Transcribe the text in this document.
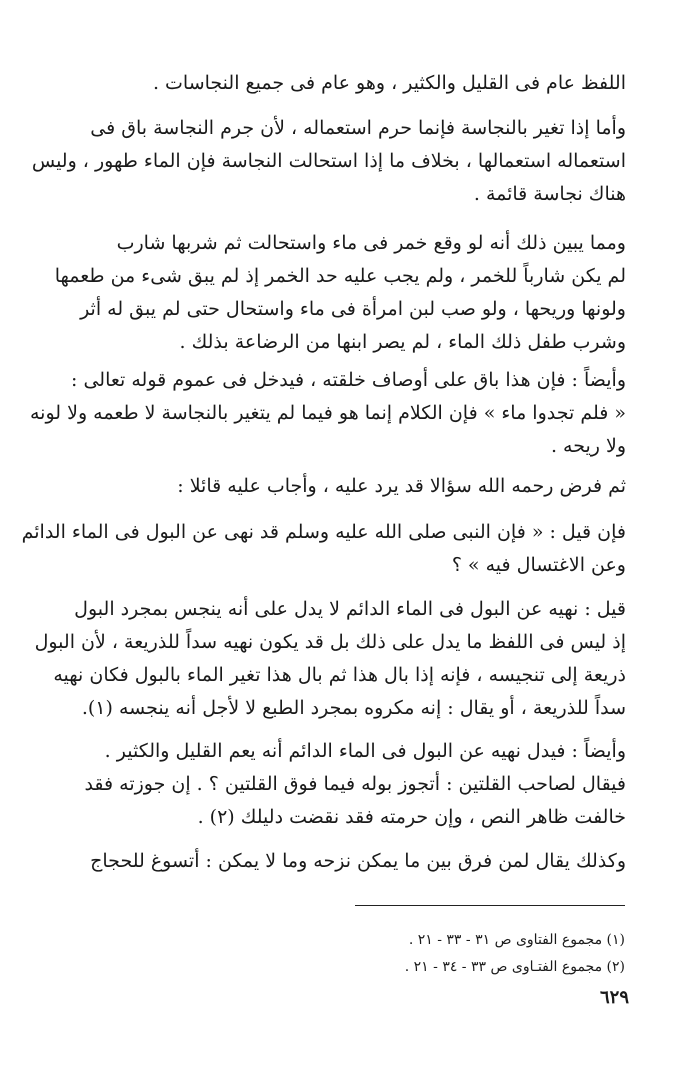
اللفظ عام فى القليل والكثير ، وهو عام فى جميع النجاسات .
وأما إذا تغير بالنجاسة فإنما حرم استعماله ، لأن جرم النجاسة باق فى
استعماله استعمالها ، بخلاف ما إذا استحالت النجاسة فإن الماء طهور ، وليس
هناك نجاسة قائمة .
ومما يبين ذلك أنه لو وقع خمر فى ماء واستحالت ثم شربها شارب
لم يكن شارباً للخمر ، ولم يجب عليه حد الخمر إذ لم يبق شىء من طعمها
ولونها وريحها ، ولو صب لبن امرأة فى ماء واستحال حتى لم يبق له أثر
وشرب طفل ذلك الماء ، لم يصر ابنها من الرضاعة بذلك .
وأيضاً : فإن هذا باق على أوصاف خلقته ، فيدخل فى عموم قوله تعالى :
« فلم تجدوا ماء » فإن الكلام إنما هو فيما لم يتغير بالنجاسة لا طعمه ولا لونه
ولا ريحه .
ثم فرض رحمه الله سؤالا قد يرد عليه ، وأجاب عليه قائلا :
فإن قيل : « فإن النبى صلى الله عليه وسلم قد نهى عن البول فى الماء الدائم
وعن الاغتسال فيه » ؟
قيل : نهيه عن البول فى الماء الدائم لا يدل على أنه ينجس بمجرد البول
إذ ليس فى اللفظ ما يدل على ذلك بل قد يكون نهيه سداً للذريعة ، لأن البول
ذريعة إلى تنجيسه ، فإنه إذا بال هذا ثم بال هذا تغير الماء بالبول فكان نهيه
سداً للذريعة ، أو يقال : إنه مكروه بمجرد الطبع لا لأجل أنه ينجسه (١).
وأيضاً : فيدل نهيه عن البول فى الماء الدائم أنه يعم القليل والكثير .
فيقال لصاحب القلتين : أتجوز بوله فيما فوق القلتين ؟ . إن جوزته فقد
خالفت ظاهر النص ، وإن حرمته فقد نقضت دليلك (٢) .
وكذلك يقال لمن فرق بين ما يمكن نزحه وما لا يمكن : أتسوغ للحجاج
(١) مجموع الفتاوى ص ٣١ - ٣٣ - ٢١ .
(٢) مجموع الفتـاوى ص ٣٣ - ٣٤ - ٢١ .
٦٢٩
